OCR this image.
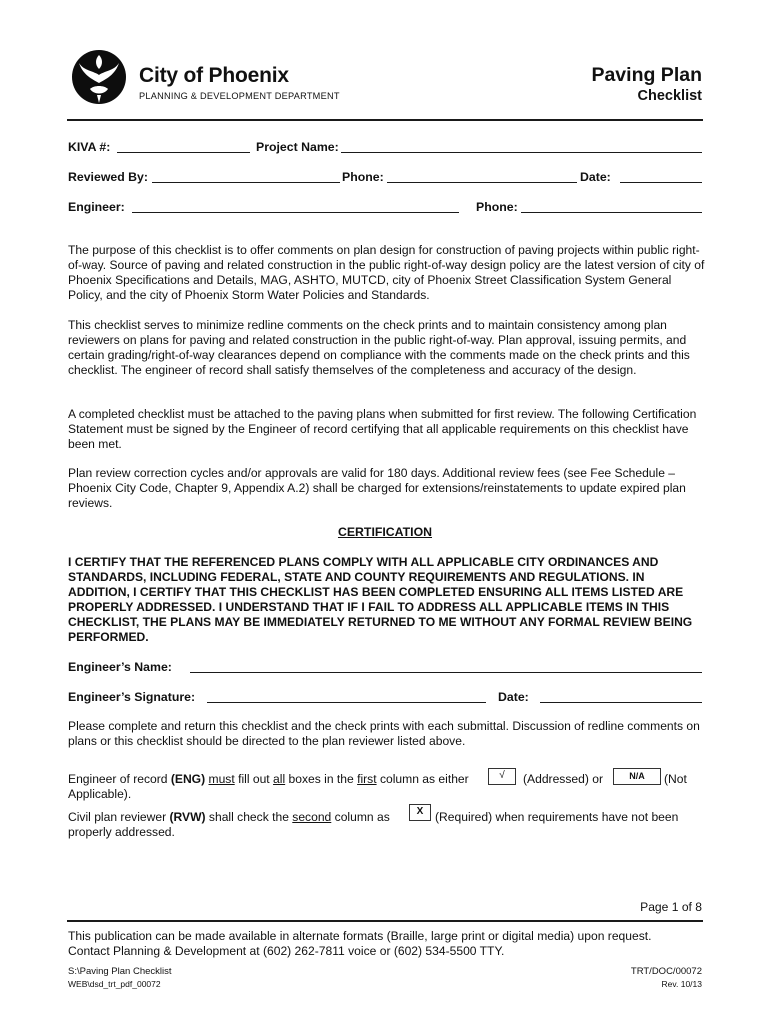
City of Phoenix
PLANNING & DEVELOPMENT DEPARTMENT
Paving Plan
Checklist
KIVA #:	Project Name:
Reviewed By:	Phone:	Date:
Engineer:	Phone:
The purpose of this checklist is to offer comments on plan design for construction of paving projects within public right-of-way. Source of paving and related construction in the public right-of-way design policy are the latest version of city of Phoenix Specifications and Details, MAG, ASHTO, MUTCD, city of Phoenix Street Classification System General Policy, and the city of Phoenix Storm Water Policies and Standards.
This checklist serves to minimize redline comments on the check prints and to maintain consistency among plan reviewers on plans for paving and related construction in the public right-of-way. Plan approval, issuing permits, and certain grading/right-of-way clearances depend on compliance with the comments made on the check prints and this checklist. The engineer of record shall satisfy themselves of the completeness and accuracy of the design.
A completed checklist must be attached to the paving plans when submitted for first review. The following Certification Statement must be signed by the Engineer of record certifying that all applicable requirements on this checklist have been met.
Plan review correction cycles and/or approvals are valid for 180 days. Additional review fees (see Fee Schedule – Phoenix City Code, Chapter 9, Appendix A.2) shall be charged for extensions/reinstatements to update expired plan reviews.
CERTIFICATION
I CERTIFY THAT THE REFERENCED PLANS COMPLY WITH ALL APPLICABLE CITY ORDINANCES AND STANDARDS, INCLUDING FEDERAL, STATE AND COUNTY REQUIREMENTS AND REGULATIONS. IN ADDITION, I CERTIFY THAT THIS CHECKLIST HAS BEEN COMPLETED ENSURING ALL ITEMS LISTED ARE PROPERLY ADDRESSED. I UNDERSTAND THAT IF I FAIL TO ADDRESS ALL APPLICABLE ITEMS IN THIS CHECKLIST, THE PLANS MAY BE IMMEDIATELY RETURNED TO ME WITHOUT ANY FORMAL REVIEW BEING PERFORMED.
Engineer’s Name:
Engineer’s Signature:	Date:
Please complete and return this checklist and the check prints with each submittal. Discussion of redline comments on plans or this checklist should be directed to the plan reviewer listed above.
Engineer of record (ENG) must fill out all boxes in the first column as either	√	(Addressed) or	N/A	(Not
Applicable).
Civil plan reviewer (RVW) shall check the second column as	X (Required) when requirements have not been
properly addressed.
Page 1 of 8
This publication can be made available in alternate formats (Braille, large print or digital media) upon request.
Contact Planning & Development at (602) 262-7811 voice or (602) 534-5500 TTY.
S:\Paving Plan Checklist
WEB\dsd_trt_pdf_00072
TRT/DOC/00072
Rev. 10/13
